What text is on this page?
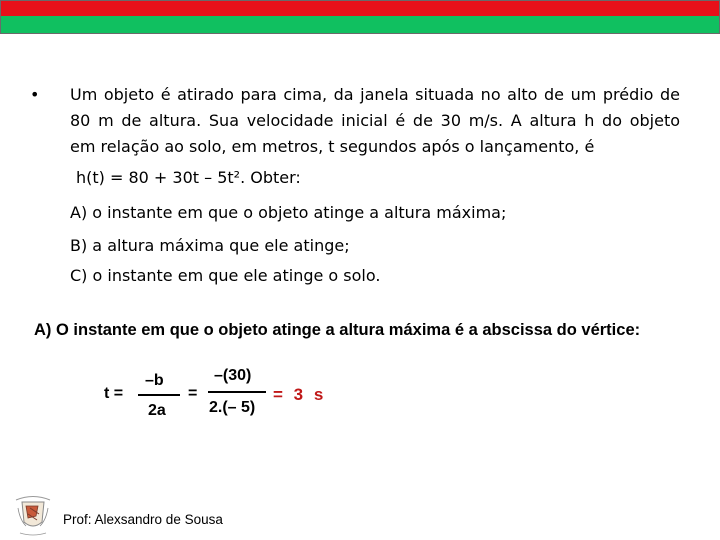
• Um objeto é atirado para cima, da janela situada no alto de um prédio de
80 m de altura. Sua velocidade inicial é de 30 m/s. A altura h do objeto
em relação ao solo, em metros, t segundos após o lançamento, é
h(t) = 80 + 30t – 5t². Obter:
A) o instante em que o objeto atinge a altura máxima;
B) a altura máxima que ele atinge;
C) o instante em que ele atinge o solo.
A) O instante em que o objeto atinge a altura máxima é a abscissa do vértice:
t =
–b
2a
=
–(30)
2.(– 5)
= 3 s
Prof: Alexsandro de Sousa
